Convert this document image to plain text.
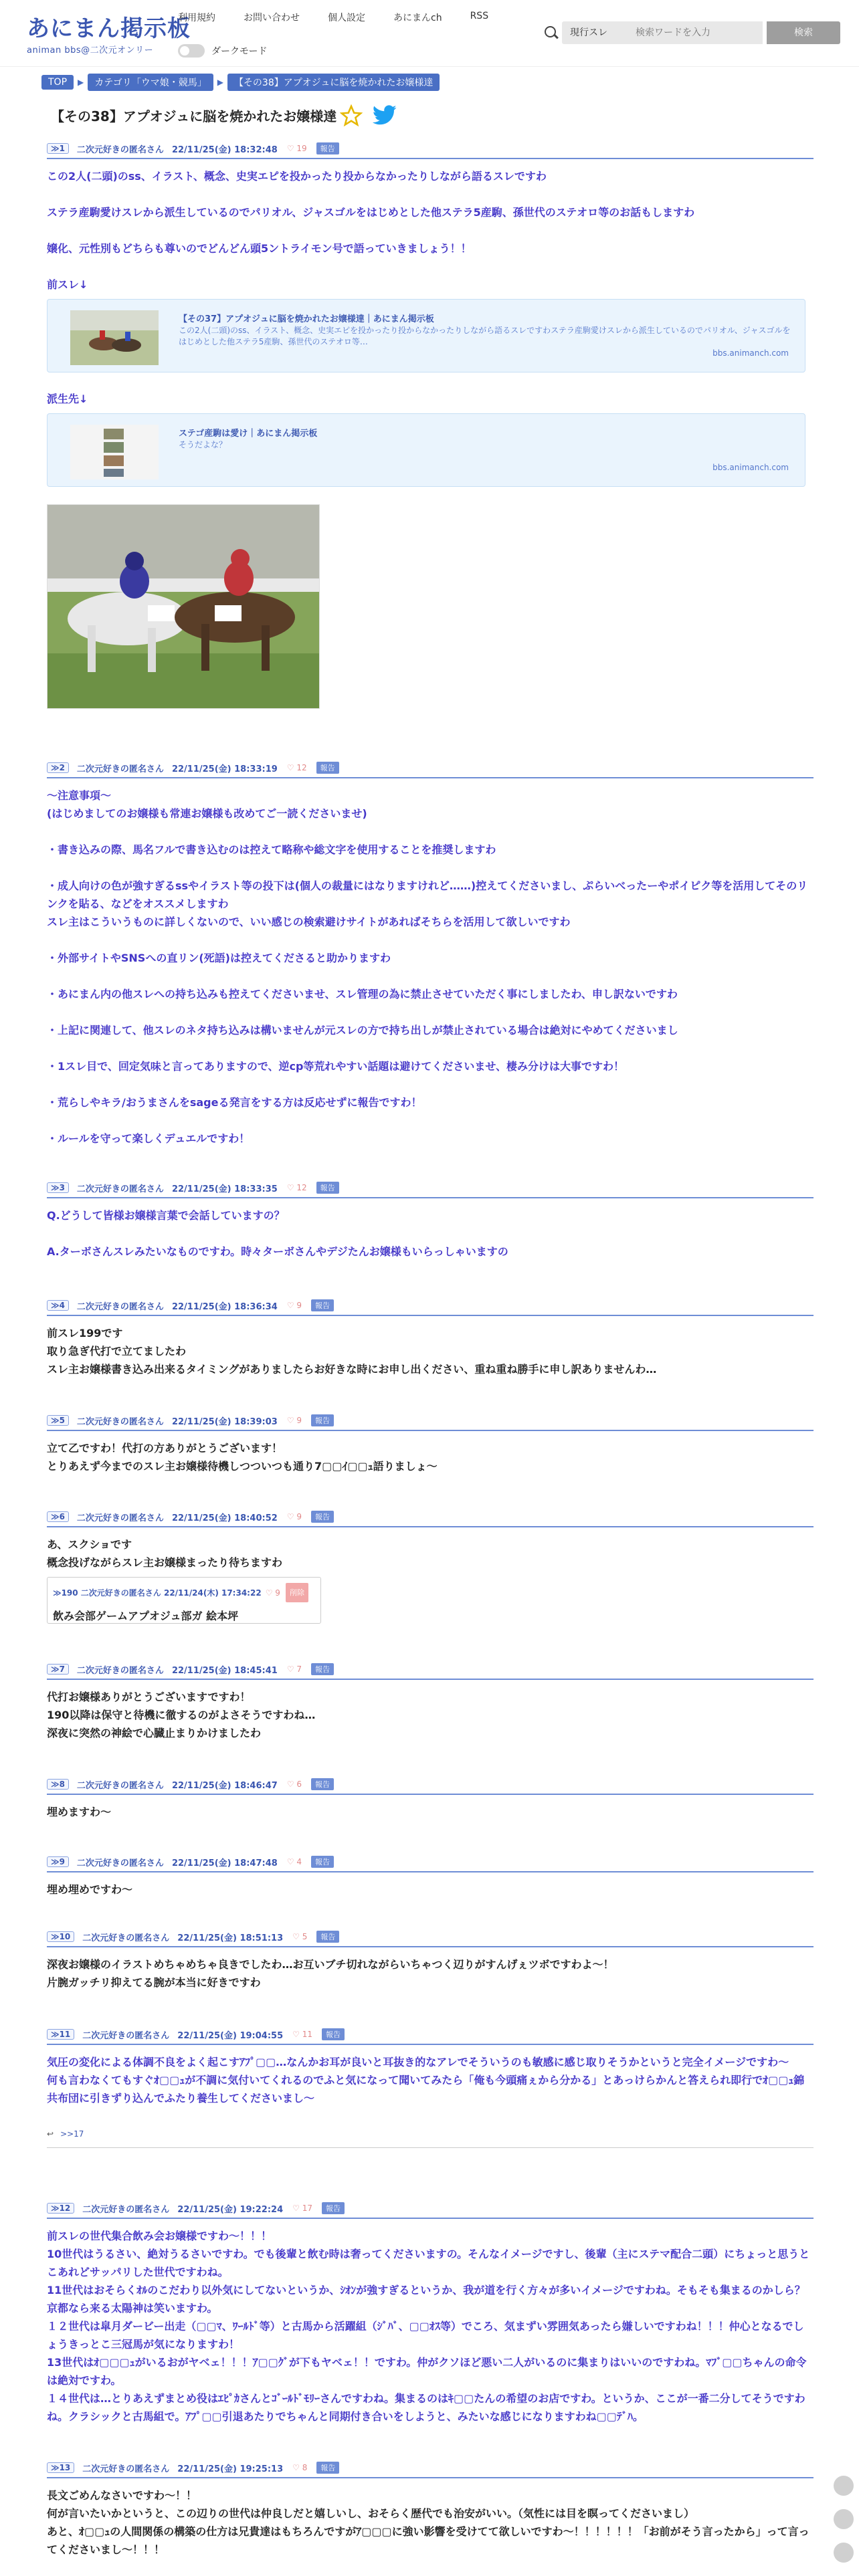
あにまん掲示板
animan bbs@二次元オンリー
利用規約	お問い合わせ	個人設定	あにまんch	RSS
ダークモード
現行スレ
検索ワードを入力	検索
TOP	▶	カテゴリ「ウマ娘・競馬」	▶	【その38】アプオジュに脳を焼かれたお嬢様達
【その38】アプオジュに脳を焼かれたお嬢様達
≫1	二次元好きの匿名さん 22/11/25(金) 18:32:48 ♡ 19	報告

この2人(二頭)のss、イラスト、概念、史実エピを投かったり投からなかったりしながら語るスレですわ

ステラ産駒愛けスレから派生しているのでパリオル、ジャスゴルをはじめとした他ステラ5産駒、孫世代のステオロ等のお話もしますわ

嬢化、元性別もどちらも尊いのでどんどん頭5ントライモン号で語っていきましょう！！

前スレ↓

【その37】アプオジュに脳を焼かれたお嬢様達｜あにまん掲示板
この2人(二頭)のss、イラスト、概念、史実エピを投かったり投からなかったりしながら語るスレですわステラ産駒愛けスレから派生しているのでパリオル、ジャスゴルをはじめとした他ステラ5産駒、孫世代のステオロ等…
bbs.animanch.com

派生先↓

ステゴ産駒は愛け｜あにまん掲示板
そうだよな？
bbs.animanch.com
≫2	二次元好きの匿名さん 22/11/25(金) 18:33:19 ♡ 12	報告

〜注意事項〜

(はじめましてのお嬢様も常連お嬢様も改めてご一読くださいませ)

・書き込みの際、馬名フルで書き込むのは控えて略称や総文字を使用することを推奨しますわ

・成人向けの色が強すぎるssやイラスト等の投下は(個人の裁量にはなりますけれど……)控えてくださいまし、ぷらいべったーやポイピク等を活用してそのリンクを貼る、などをオススメしますわ

スレ主はこういうものに詳しくないので、いい感じの検索避けサイトがあればそちらを活用して欲しいですわ

・外部サイトやSNSへの直リン(死語)は控えてくださると助かりますわ

・あにまん内の他スレへの持ち込みも控えてくださいませ、スレ管理の為に禁止させていただく事にしましたわ、申し訳ないですわ

・上記に関連して、他スレのネタ持ち込みは構いませんが元スレの方で持ち出しが禁止されている場合は絶対にやめてくださいまし

・1スレ目で、回定気味と言ってありますので、逆cp等荒れやすい話題は避けてくださいませ、棲み分けは大事ですわ！

・荒らしやキラ/おうまさんをsageる発言をする方は反応せずに報告ですわ！

・ルールを守って楽しくデュエルですわ！

≫3	二次元好きの匿名さん 22/11/25(金) 18:33:35 ♡ 12	報告

Q.どうして皆様お嬢様言葉で会話していますの？

A.ターボさんスレみたいなものですわ。時々ターボさんやデジたんお嬢様もいらっしゃいますの

≫4	二次元好きの匿名さん 22/11/25(金) 18:36:34 ♡ 9	報告

前スレ199です

取り急ぎ代打で立てましたわ

スレ主お嬢様書き込み出来るタイミングがありましたらお好きな時にお申し出ください、重ね重ね勝手に申し訳ありませんわ…

≫5	二次元好きの匿名さん 22/11/25(金) 18:39:03 ♡ 9	報告

立て乙ですわ！代打の方ありがとうございます！

とりあえず今までのスレ主お嬢様待機しつついつも通り7▢▢ｲ▢▢ｭ語りましょ〜

≫6	二次元好きの匿名さん 22/11/25(金) 18:40:52 ♡ 9	報告

あ、スクショです

概念投げながらスレ主お嬢様まったり待ちますわ

≫190 二次元好きの匿名さん 22/11/24(木) 17:34:22 ♡ 9	削除
飲み会部ゲームアプオジュ部ガ 絵本坪
≫7	二次元好きの匿名さん 22/11/25(金) 18:45:41 ♡ 7	報告

代打お嬢様ありがとうございますですわ！

190以降は保守と待機に徹するのがよさそうですわね…

深夜に突然の神絵で心臓止まりかけましたわ

≫8	二次元好きの匿名さん 22/11/25(金) 18:46:47 ♡ 6	報告

埋めますわ〜

≫9	二次元好きの匿名さん 22/11/25(金) 18:47:48 ♡ 4	報告

埋め埋めですわ〜

≫10	二次元好きの匿名さん 22/11/25(金) 18:51:13 ♡ 5	報告

深夜お嬢様のイラストめちゃめちゃ良きでしたわ…お互いブチ切れながらいちゃつく辺りがすんげぇツボですわよ〜！

片腕ガッチリ抑えてる腕が本当に好きですわ

≫11	二次元好きの匿名さん 22/11/25(金) 19:04:55 ♡ 11	報告

気圧の変化による体調不良をよく起こすｱﾌﾟ▢▢…なんかお耳が良いと耳抜き的なアレでそういうのも敏感に感じ取りそうかというと完全イメージですわ〜

何も言わなくてもすぐｵ▢▢ｭが不調に気付いてくれるのでふと気になって聞いてみたら「俺も今頭痛ぇから分かる」とあっけらかんと答えられ即行でｵ▢▢ｭ錦共布団に引きずり込んでふたり養生してくださいまし〜

↩ >>17
≫12	二次元好きの匿名さん 22/11/25(金) 19:22:24 ♡ 17	報告

前スレの世代集合飲み会お嬢様ですわ〜！！！

10世代はうるさい、絶対うるさいですわ。でも後輩と飲む時は奢ってくださいますの。そんなイメージですし、後輩（主にステマ配合二頭）にちょっと思うとこあれどサッパリした世代ですわね。

11世代はおそらくｵﾙのこだわり以外気にしてないというか、ｼｵﾝが強すぎるというか、我が道を行く方々が多いイメージですわね。そもそも集まるのかしら？京都なら来る太陽神は笑いますわ。

１２世代は皐月ダービー出走（▢▢ﾏ、ﾜｰﾙﾄﾞ等）と古馬から活躍組（ｼﾞﾊﾞ、▢▢ｵｽ等）でころ、気まずい雰囲気あったら嫌しいですわね！！！仲心となるでしょうきっとこ三冠馬が気になりますわ！

13世代はｵ▢▢▢ｭがいるおがヤベェ！！！ｱ▢▢ｸﾞが下もヤベェ！！ですわ。仲がクソほど悪い二人がいるのに集まりはいいのですわね。ﾏﾌﾞ▢▢ちゃんの命令は絶対ですわ。

１４世代は…とりあえずまとめ役はｴﾋﾟｶさんとｺﾞｰﾙﾄﾞﾓﾘｰさんですわね。集まるのはｷ▢▢たんの希望のお店ですわ。というか、ここが一番二分してそうですわね。クラシックと古馬組で。ｱﾌﾟ▢▢引退あたりでちゃんと同期付き合いをしようと、みたいな感じになりますわね▢▢ﾃﾞﾊ。

≫13	二次元好きの匿名さん 22/11/25(金) 19:25:13 ♡ 8	報告

長文ごめんなさいですわ〜！！

何が言いたいかというと、この辺りの世代は仲良しだと嬉しいし、おそらく歴代でも治安がいい。（気性には目を瞑ってくださいまし）

あと、ｵ▢▢ｭの人間関係の構築の仕方は兄貴達はもちろんですがｱ▢▢▢に強い影響を受けてて欲しいですわ〜！！！！！！「お前がそう言ったから」って言ってくださいまし〜！！！
